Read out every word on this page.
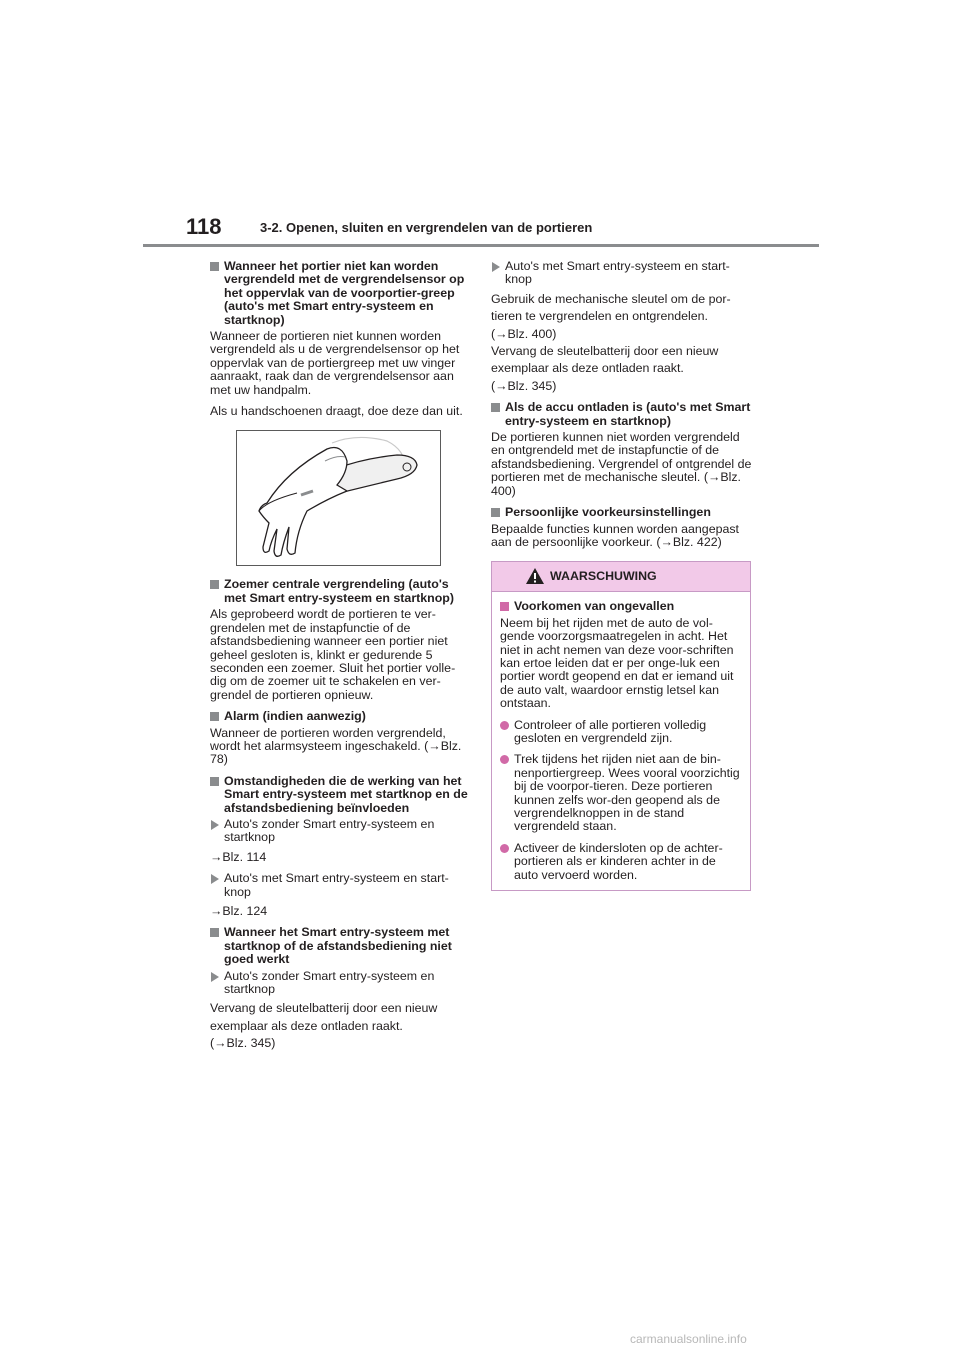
118	3-2. Openen, sluiten en vergrendelen van de portieren
Wanneer het portier niet kan worden vergrendeld met de vergrendelsensor op het oppervlak van de voorportier-greep (auto's met Smart entry-systeem en startknop)

Wanneer de portieren niet kunnen worden vergrendeld als u de vergrendelsensor op het oppervlak van de portiergreep met uw vinger aanraakt, raak dan de vergrendelsensor aan met uw handpalm.

Als u handschoenen draagt, doe deze dan uit.

Zoemer centrale vergrendeling (auto's met Smart entry-systeem en startknop)

Als geprobeerd wordt de portieren te ver-grendelen met de instapfunctie of de afstandsbediening wanneer een portier niet geheel gesloten is, klinkt er gedurende 5 seconden een zoemer. Sluit het portier volle-dig om de zoemer uit te schakelen en ver-grendel de portieren opnieuw.

Alarm (indien aanwezig)

Wanneer de portieren worden vergrendeld, wordt het alarmsysteem ingeschakeld. (→Blz. 78)

Omstandigheden die de werking van het Smart entry-systeem met startknop en de afstandsbediening beïnvloeden
Auto's zonder Smart entry-systeem en startknop

→Blz. 114

Auto's met Smart entry-systeem en start-knop

→Blz. 124

Wanneer het Smart entry-systeem met startknop of de afstandsbediening niet goed werkt
Auto's zonder Smart entry-systeem en startknop

Vervang de sleutelbatterij door een nieuw

exemplaar als deze ontladen raakt.

(→Blz. 345)

Auto's met Smart entry-systeem en start-knop

Gebruik de mechanische sleutel om de por-

tieren te vergrendelen en ontgrendelen.

(→Blz. 400)

Vervang de sleutelbatterij door een nieuw

exemplaar als deze ontladen raakt.

(→Blz. 345)

Als de accu ontladen is (auto's met Smart entry-systeem en startknop)

De portieren kunnen niet worden vergrendeld en ontgrendeld met de instapfunctie of de afstandsbediening. Vergrendel of ontgrendel de portieren met de mechanische sleutel. (→Blz. 400)

Persoonlijke voorkeursinstellingen

Bepaalde functies kunnen worden aangepast aan de persoonlijke voorkeur. (→Blz. 422)

WAARSCHUWING
Voorkomen van ongevallen

Neem bij het rijden met de auto de vol-gende voorzorgsmaatregelen in acht. Het niet in acht nemen van deze voor-schriften kan ertoe leiden dat er per onge-luk een portier wordt geopend en dat er iemand uit de auto valt, waardoor ernstig letsel kan ontstaan.

Controleer of alle portieren volledig gesloten en vergrendeld zijn.
Trek tijdens het rijden niet aan de bin-nenportiergreep. Wees vooral voorzichtig bij de voorpor-tieren. Deze portieren kunnen zelfs wor-den geopend als de vergrendelknoppen in de stand vergrendeld staan.
Activeer de kindersloten op de achter-portieren als er kinderen achter in de auto vervoerd worden.
carmanualsonline.info
